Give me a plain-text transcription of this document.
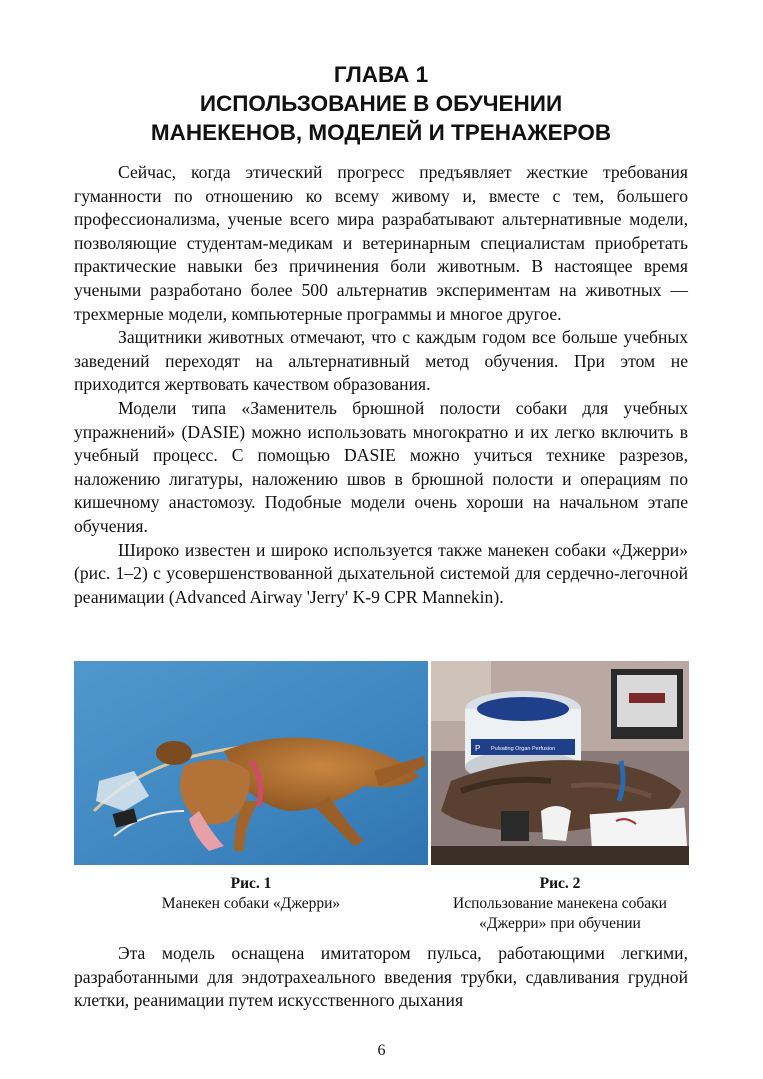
ГЛАВА 1
ИСПОЛЬЗОВАНИЕ В ОБУЧЕНИИ
МАНЕКЕНОВ, МОДЕЛЕЙ И ТРЕНАЖЕРОВ

Сейчас, когда этический прогресс предъявляет жесткие требования гуманности по отношению ко всему живому и, вместе с тем, большего профессионализма, ученые всего мира разрабатывают альтернативные модели, позволяющие студентам-медикам и ветеринарным специалистам приобретать практические навыки без причинения боли животным. В настоящее время учеными разработано более 500 альтернатив экспериментам на животных — трехмерные модели, компьютерные программы и многое другое.

Защитники животных отмечают, что с каждым годом все больше учебных заведений переходят на альтернативный метод обучения. При этом не приходится жертвовать качеством образования.

Модели типа «Заменитель брюшной полости собаки для учебных упражнений» (DASIE) можно использовать многократно и их легко включить в учебный процесс. С помощью DASIE можно учиться технике разрезов, наложению лигатуры, наложению швов в брюшной полости и операциям по кишечному анастомозу. Подобные модели очень хороши на начальном этапе обучения.

Широко известен и широко используется также манекен собаки «Джерри» (рис. 1–2) с усовершенствованной дыхательной системой для сердечно-легочной реанимации (Advanced Airway 'Jerry' K-9 CPR Mannekin).

P Pulsating Organ Perfusion
Рис. 1
Манекен собаки «Джерри»
Рис. 2
Использование манекена собаки «Джерри» при обучении

Эта модель оснащена имитатором пульса, работающими легкими, разработанными для эндотрахеального введения трубки, сдавливания грудной клетки, реанимации путем искусственного дыхания

6
